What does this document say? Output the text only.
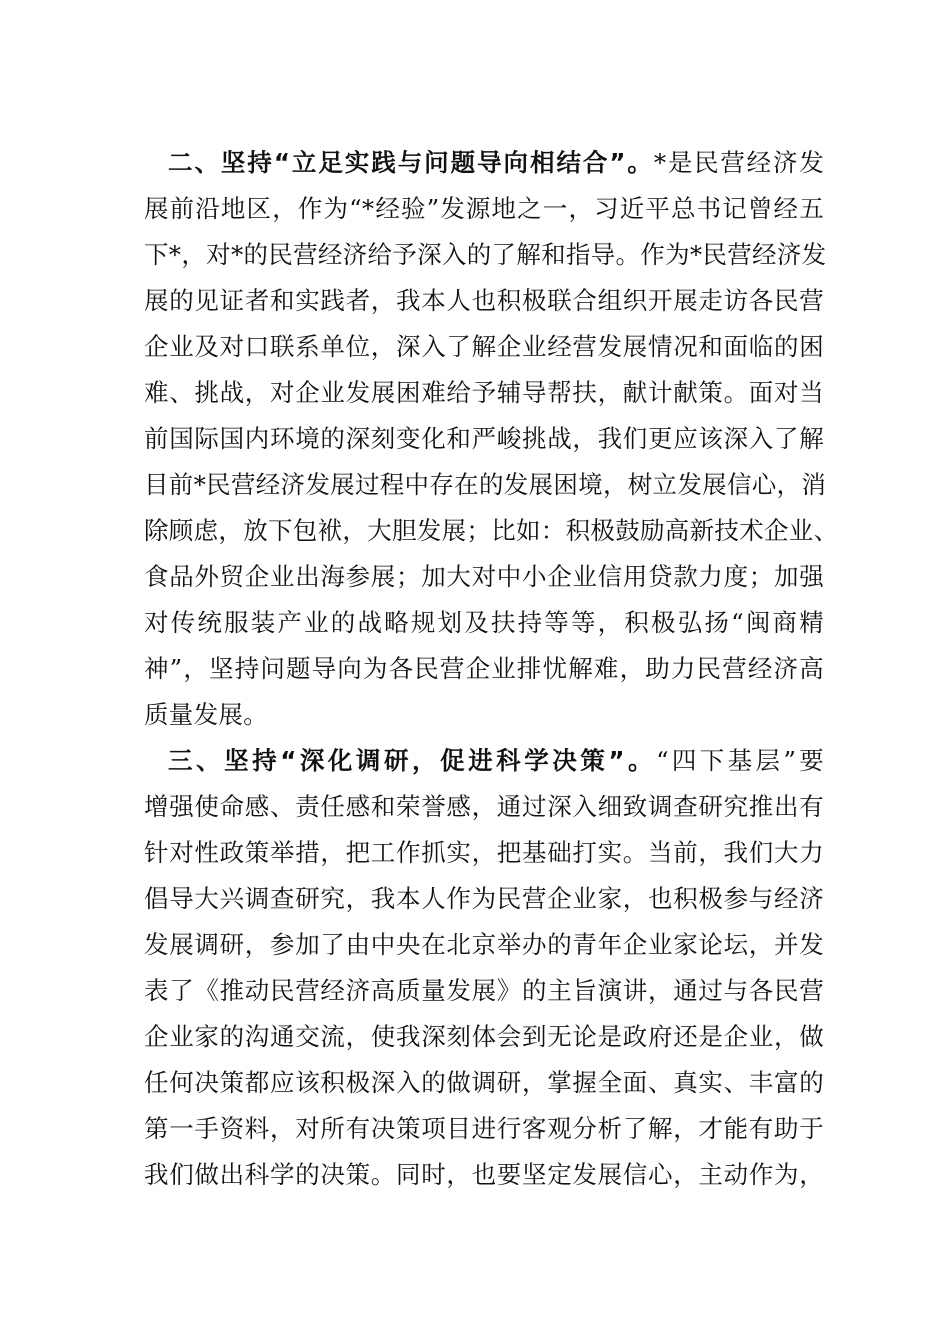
二、坚持“立足实践与问题导向相结合”。*是民营经济发
展前沿地区，作为“*经验”发源地之一，习近平总书记曾经五
下*，对*的民营经济给予深入的了解和指导。作为*民营经济发
展的见证者和实践者，我本人也积极联合组织开展走访各民营
企业及对口联系单位，深入了解企业经营发展情况和面临的困
难、挑战，对企业发展困难给予辅导帮扶，献计献策。面对当
前国际国内环境的深刻变化和严峻挑战，我们更应该深入了解
目前*民营经济发展过程中存在的发展困境，树立发展信心，消
除顾虑，放下包袱，大胆发展；比如：积极鼓励高新技术企业、
食品外贸企业出海参展；加大对中小企业信用贷款力度；加强
对传统服装产业的战略规划及扶持等等，积极弘扬“闽商精
神”，坚持问题导向为各民营企业排忧解难，助力民营经济高
质量发展。
三、坚持“深化调研，促进科学决策”。“四下基层”要
增强使命感、责任感和荣誉感，通过深入细致调查研究推出有
针对性政策举措，把工作抓实，把基础打实。当前，我们大力
倡导大兴调查研究，我本人作为民营企业家，也积极参与经济
发展调研，参加了由中央在北京举办的青年企业家论坛，并发
表了《推动民营经济高质量发展》的主旨演讲，通过与各民营
企业家的沟通交流，使我深刻体会到无论是政府还是企业，做
任何决策都应该积极深入的做调研，掌握全面、真实、丰富的
第一手资料，对所有决策项目进行客观分析了解，才能有助于
我们做出科学的决策。同时，也要坚定发展信心，主动作为，
